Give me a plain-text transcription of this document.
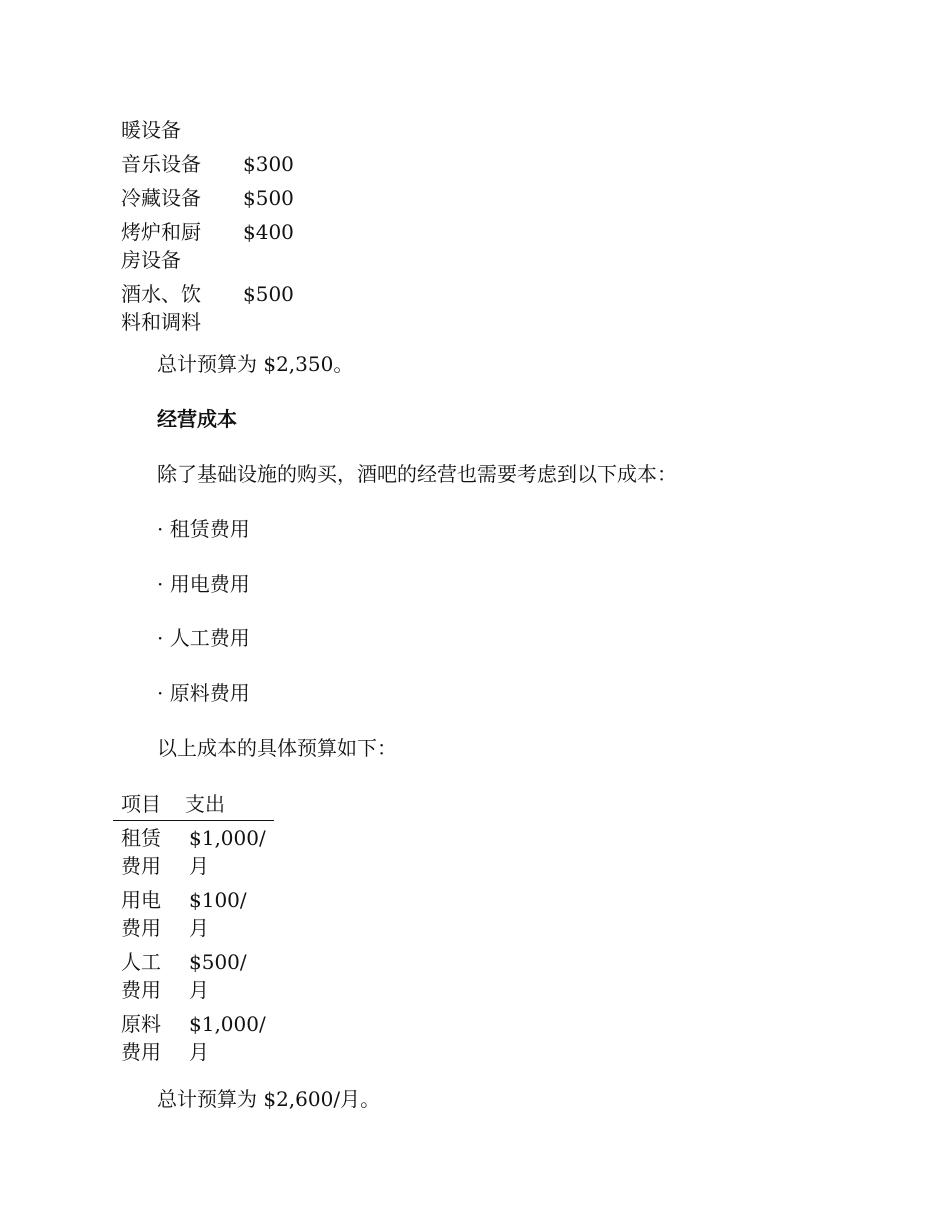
暖设备	
音乐设备	$300
冷藏设备	$500
烤炉和厨房设备	$400
酒水、饮料和调料	$500

总计预算为 $2,350。

经营成本

除了基础设施的购买，酒吧的经营也需要考虑到以下成本：

· 租赁费用

· 用电费用

· 人工费用

· 原料费用

以上成本的具体预算如下：

项目	支出
租赁费用	$1,000/月
用电费用	$100/月
人工费用	$500/月
原料费用	$1,000/月

总计预算为 $2,600/月。
